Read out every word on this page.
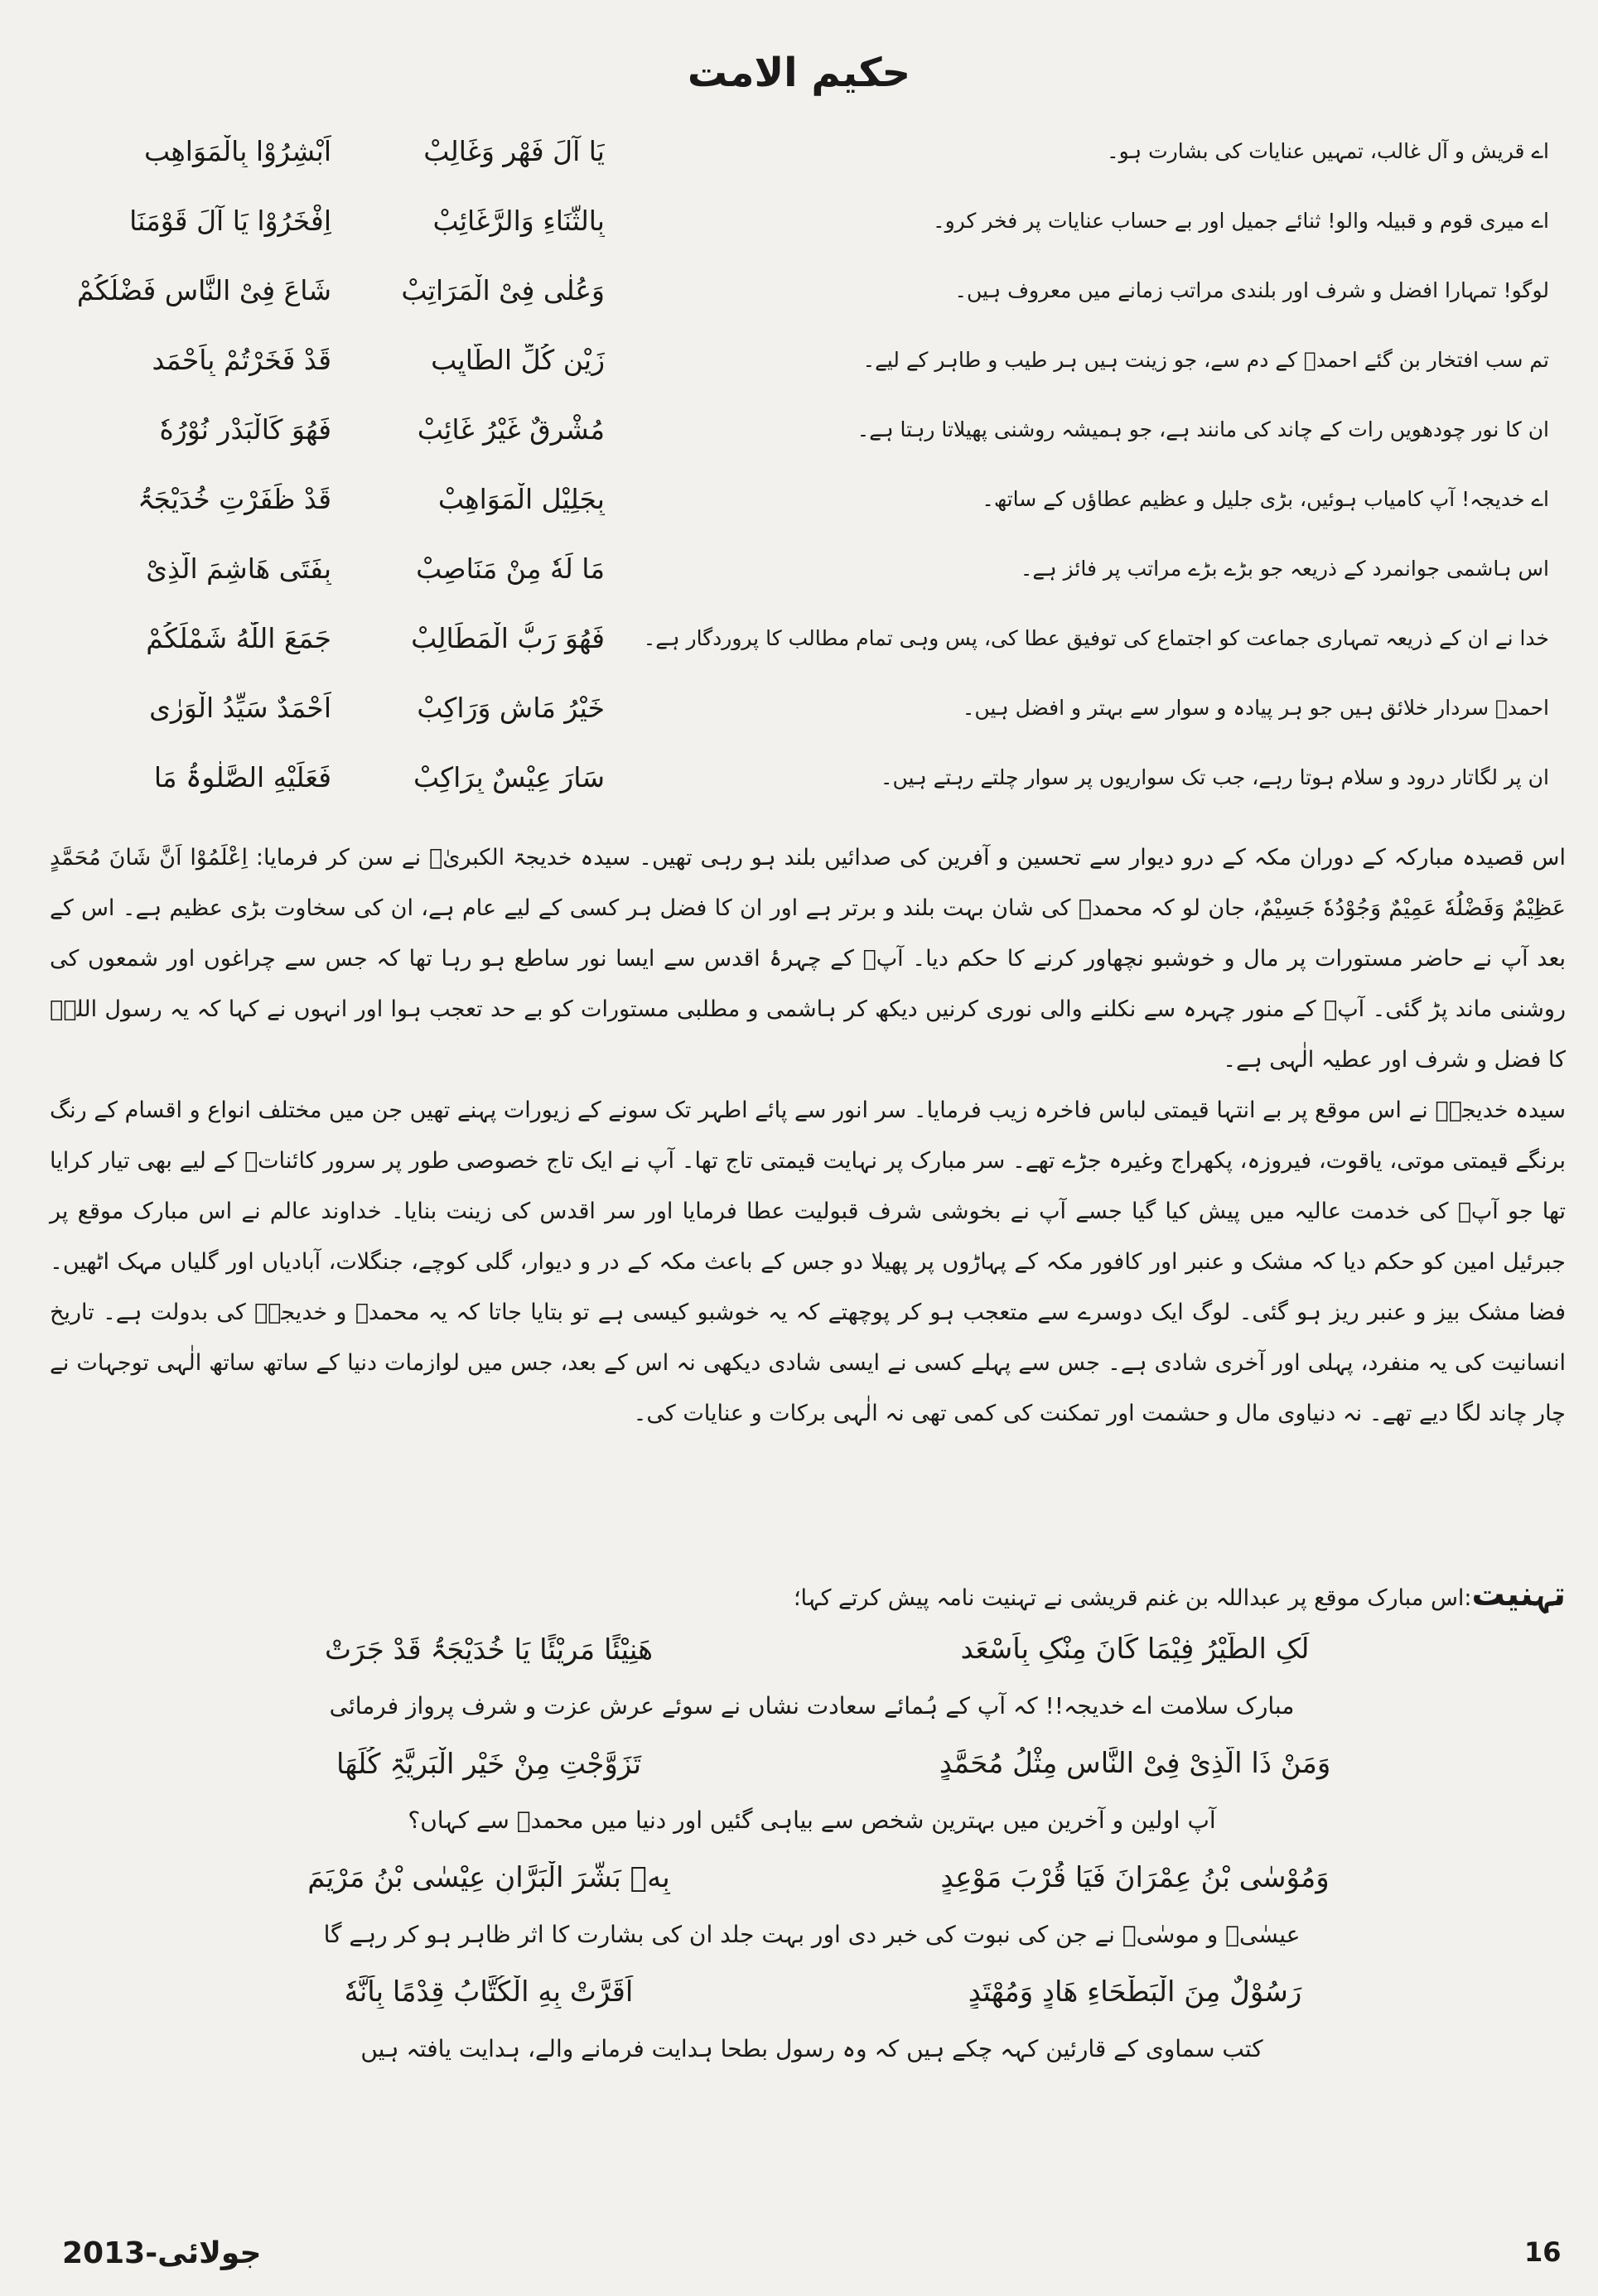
حکیم الامت
اَبْشِرُوْا بِالْمَوَاهِب	یَا آلَ فَهْرٍ وَغَالِبْ	اے قریش و آل غالب، تمہیں عنایات کی بشارت ہو۔
اِفْخَرُوْا یَا آلَ قَوْمَنَا	بِالثَّنَاءِ وَالرَّغَائِبْ	اے میری قوم و قبیلہ والو! ثنائے جمیل اور بے حساب عنایات پر فخر کرو۔
شَاعَ فِیْ النَّاسِ فَضْلُکُمْ	وَعُلٰی فِیْ الْمَرَاتِبْ	لوگو! تمہارا افضل و شرف اور بلندی مراتب زمانے میں معروف ہیں۔
قَدْ فَخَرْتُمْ بِاَحْمَد	زَیْنِ کُلِّ الطَّایِب	تم سب افتخار بن گئے احمدؐ کے دم سے، جو زینت ہیں ہر طیب و طاہر کے لیے۔
فَهُوَ کَالْبَدْرِ نُوْرُهٗ	مُشْرِقٌ غَیْرُ غَائِبْ	ان کا نور چودھویں رات کے چاند کی مانند ہے، جو ہمیشہ روشنی پھیلاتا رہتا ہے۔
قَدْ ظَفَرْتِ خُدَیْجَۃُ	بِجَلِیْلِ الْمَوَاهِبْ	اے خدیجہ! آپ کامیاب ہوئیں، بڑی جلیل و عظیم عطاؤں کے ساتھ۔
بِفَتَی هَاشِمَ الَّذِیْ	مَا لَهٗ مِنْ مَنَاصِبْ	اس ہاشمی جوانمرد کے ذریعہ جو بڑے بڑے مراتب پر فائز ہے۔
جَمَعَ اللّٰهُ شَمْلَکُمْ	فَهُوَ رَبُّ الْمَطَالِبْ	خدا نے ان کے ذریعہ تمہاری جماعت کو اجتماع کی توفیق عطا کی، پس وہی تمام مطالب کا پروردگار ہے۔
اَحْمَدٌ سَیِّدُ الْوَرٰی	خَیْرُ مَاشٍ وَرَاکِبْ	احمدؐ سردار خلائق ہیں جو ہر پیادہ و سوار سے بہتر و افضل ہیں۔
فَعَلَیْهِ الصَّلٰوۃُ مَا	سَارَ عِیْسٌ بِرَاکِبْ	ان پر لگاتار درود و سلام ہوتا رہے، جب تک سواریوں پر سوار چلتے رہتے ہیں۔

اس قصیدہ مبارکہ کے دوران مکہ کے درو دیوار سے تحسین و آفرین کی صدائیں بلند ہو رہی تھیں۔ سیدہ خدیجۃ الکبریٰؑ نے سن کر فرمایا: اِعْلَمُوْا اَنَّ شَانَ مُحَمَّدٍ عَظِیْمٌ وَفَضْلُهٗ عَمِیْمٌ وَجُوْدُهٗ جَسِیْمٌ، جان لو کہ محمدؐ کی شان بہت بلند و برتر ہے اور ان کا فضل ہر کسی کے لیے عام ہے، ان کی سخاوت بڑی عظیم ہے۔ اس کے بعد آپ نے حاضر مستورات پر مال و خوشبو نچھاور کرنے کا حکم دیا۔ آپؐ کے چہرۂ اقدس سے ایسا نور ساطع ہو رہا تھا کہ جس سے چراغوں اور شمعوں کی روشنی ماند پڑ گئی۔ آپؐ کے منور چہرہ سے نکلنے والی نوری کرنیں دیکھ کر ہاشمی و مطلبی مستورات کو بے حد تعجب ہوا اور انہوں نے کہا کہ یہ رسول اللہؐ کا فضل و شرف اور عطیہ الٰہی ہے۔

سیدہ خدیجہؑ نے اس موقع پر بے انتہا قیمتی لباس فاخرہ زیب فرمایا۔ سر انور سے پائے اطہر تک سونے کے زیورات پہنے تھیں جن میں مختلف انواع و اقسام کے رنگ برنگے قیمتی موتی، یاقوت، فیروزہ، پکھراج وغیرہ جڑے تھے۔ سر مبارک پر نہایت قیمتی تاج تھا۔ آپ نے ایک تاج خصوصی طور پر سرور کائناتؐ کے لیے بھی تیار کرایا تھا جو آپؐ کی خدمت عالیہ میں پیش کیا گیا جسے آپ نے بخوشی شرف قبولیت عطا فرمایا اور سر اقدس کی زینت بنایا۔ خداوند عالم نے اس مبارک موقع پر جبرئیل امین کو حکم دیا کہ مشک و عنبر اور کافور مکہ کے پہاڑوں پر پھیلا دو جس کے باعث مکہ کے در و دیوار، گلی کوچے، جنگلات، آبادیاں اور گلیاں مہک اٹھیں۔ فضا مشک بیز و عنبر ریز ہو گئی۔ لوگ ایک دوسرے سے متعجب ہو کر پوچھتے کہ یہ خوشبو کیسی ہے تو بتایا جاتا کہ یہ محمدؐ و خدیجہؑ کی بدولت ہے۔ تاریخ انسانیت کی یہ منفرد، پہلی اور آخری شادی ہے۔ جس سے پہلے کسی نے ایسی شادی دیکھی نہ اس کے بعد، جس میں لوازمات دنیا کے ساتھ ساتھ الٰہی توجہات نے چار چاند لگا دیے تھے۔ نہ دنیاوی مال و حشمت اور تمکنت کی کمی تھی نہ الٰہی برکات و عنایات کی۔

تہنیت:اس مبارک موقع پر عبداللہ بن غنم قریشی نے تہنیت نامہ پیش کرتے کہا؛
هَنِیْئًا مَرِیْئًا یَا خُدَیْجَۃُ قَدْ جَرَتْ	لَکِ الطَّیْرُ فِیْمَا کَانَ مِنْکِ بِاَسْعَد
مبارک سلامت اے خدیجہ!! کہ آپ کے ہُمائے سعادت نشاں نے سوئے عرش عزت و شرف پرواز فرمائی
تَزَوَّجْتِ مِنْ خَیْرِ الْبَرِیَّۃِ کُلِّهَا	وَمَنْ ذَا الَّذِیْ فِیْ النَّاسِ مِثْلُ مُحَمَّدٍ
آپ اولین و آخرین میں بہترین شخص سے بیاہی گئیں اور دنیا میں محمدؐ سے کہاں؟
بِهٖ بَشَّرَ الْبَرَّانِ عِیْسٰی بْنُ مَرْیَمَ	وَمُوْسٰی بْنُ عِمْرَانَ فَیَا قُرْبَ مَوْعِدٍ
عیسٰیؑ و موسٰیؑ نے جن کی نبوت کی خبر دی اور بہت جلد ان کی بشارت کا اثر ظاہر ہو کر رہے گا
اَقَرَّتْ بِهِ الْکُتَّابُ قِدْمًا بِاَنَّهٗ	رَسُوْلٌ مِنَ الْبَطْحَاءِ هَادٍ وَمُهْتَدٍ
کتب سماوی کے قارئین کہہ چکے ہیں کہ وہ رسول بطحا ہدایت فرمانے والے، ہدایت یافتہ ہیں
16
جولائی-2013
